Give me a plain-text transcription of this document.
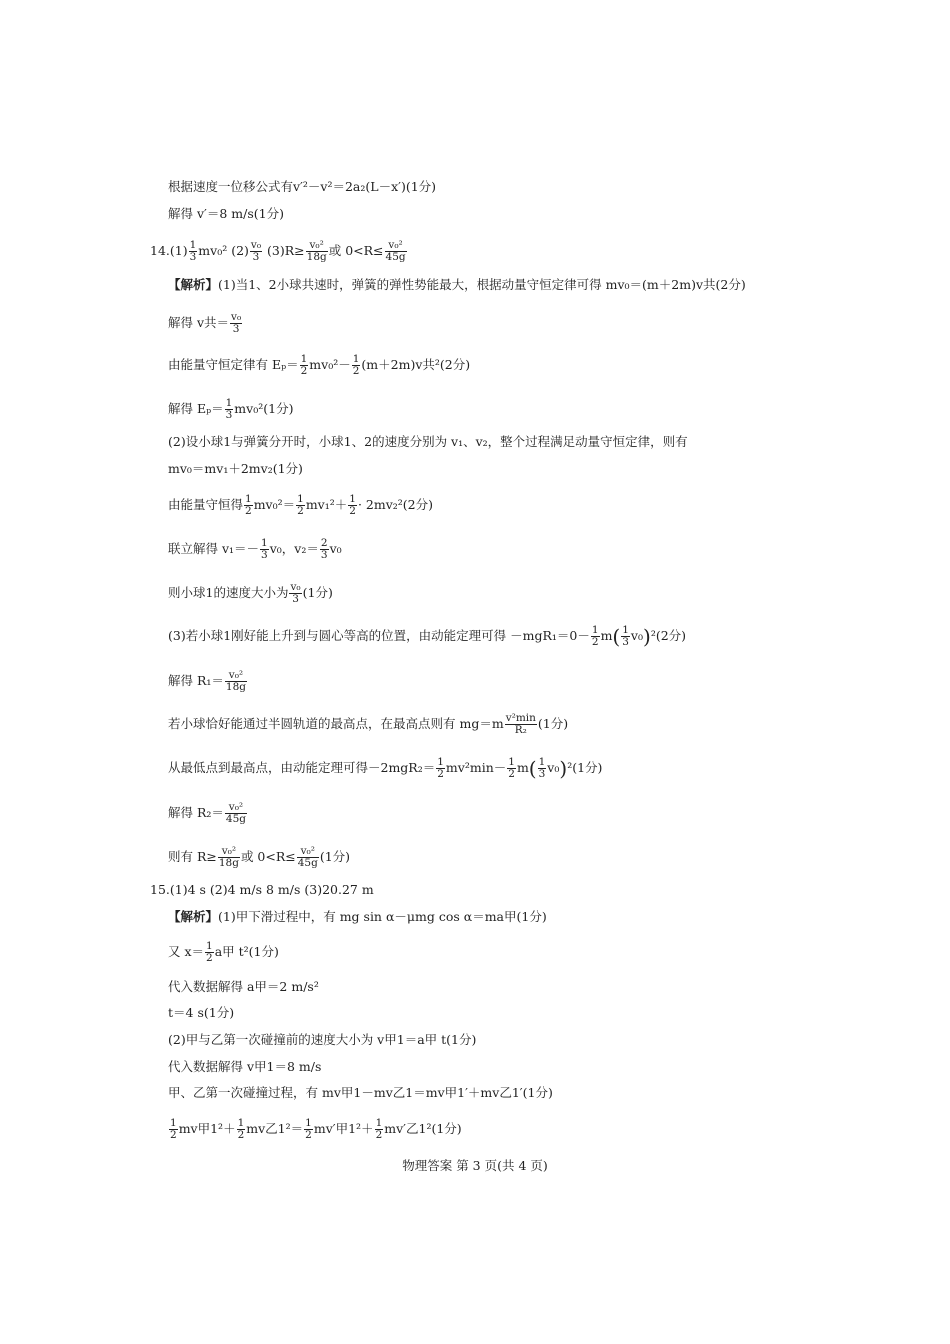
根据速度一位移公式有v′²－v²＝2a₂(L－x′)(1分)
解得 v′＝8 m/s(1分)
$14.(1) \frac{1}{3} mv_0^2$ $(2) \frac{\text{v₀}}{3} (3)R\ge \frac{\text{v₀²}}{18g}$ 或 $0<R\le \frac{\text{v₀²}}{45g}$
【解析】(1)当1、2小球共速时，弹簧的弹性势能最大，根据动量守恒定律可得 mv₀＝(m＋2m)v共(2分)
解得 v共＝ $\frac{\text{v₀}}{3}$
由能量守恒定律有 $E_p= \frac{1}{2} mv_0^2- \frac{1}{2} (m+2m)v$共²(2分)
解得 $E_p= \frac{1}{3} mv_0^2(1$分)
(2)设小球1与弹簧分开时，小球1、2的速度分别为 v₁、v₂，整个过程满足动量守恒定律，则有
mv₀＝mv₁＋2mv₂(1分)
由能量守恒得 $\frac{1}{2} mv_0^2= \frac{1}{2} mv_1^2+ \frac{1}{2} \cdot 2mv_2^2(2$分)
联立解得 $v_1=- \frac{1}{3} v_0$，$v_2= \frac{2}{3} v_0$
则小球1的速度大小为 $\frac{\text{v₀}}{3} (1$分)
(3)若小球1刚好能上升到与圆心等高的位置，由动能定理可得 $-mgR_1=0- \frac{1}{2} m( \frac{1}{3} v_0)^2(2$分)
解得 $R_1= \frac{\text{v₀²}}{18g}$
若小球恰好能通过半圆轨道的最高点，在最高点则有 $mg=m \frac{\text{v²min}}{\text{R₂}} (1$分)
从最低点到最高点，由动能定理可得$-2mgR_2= \frac{1}{2} mv^2\min- \frac{1}{2} m( \frac{1}{3} v_0)^2(1$分)
解得 $R_2= \frac{\text{v₀²}}{45g}$
则有 $R\ge \frac{\text{v₀²}}{18g}$ 或 $0<R\le \frac{\text{v₀²}}{45g} (1$分)
15.(1)4 s (2)4 m/s 8 m/s (3)20.27 m
【解析】(1)甲下滑过程中，有 mg sin α－μmg cos α＝ma甲(1分)
又 $x= \frac{1}{2}$ a甲 t²(1分)
代入数据解得 a甲＝2 m/s²
t＝4 s(1分)
(2)甲与乙第一次碰撞前的速度大小为 v甲1＝a甲 t(1分)
代入数据解得 v甲1＝8 m/s
甲、乙第一次碰撞过程，有 mv甲1－mv乙1＝mv甲1′＋mv乙1′(1分)
$\frac{1}{2}$ mv甲$1^2+ \frac{1}{2}$ mv乙$1^2= \frac{1}{2} mv'$甲$1^2+ \frac{1}{2} mv'$乙1²(1分)
物理答案 第 3 页(共 4 页)
